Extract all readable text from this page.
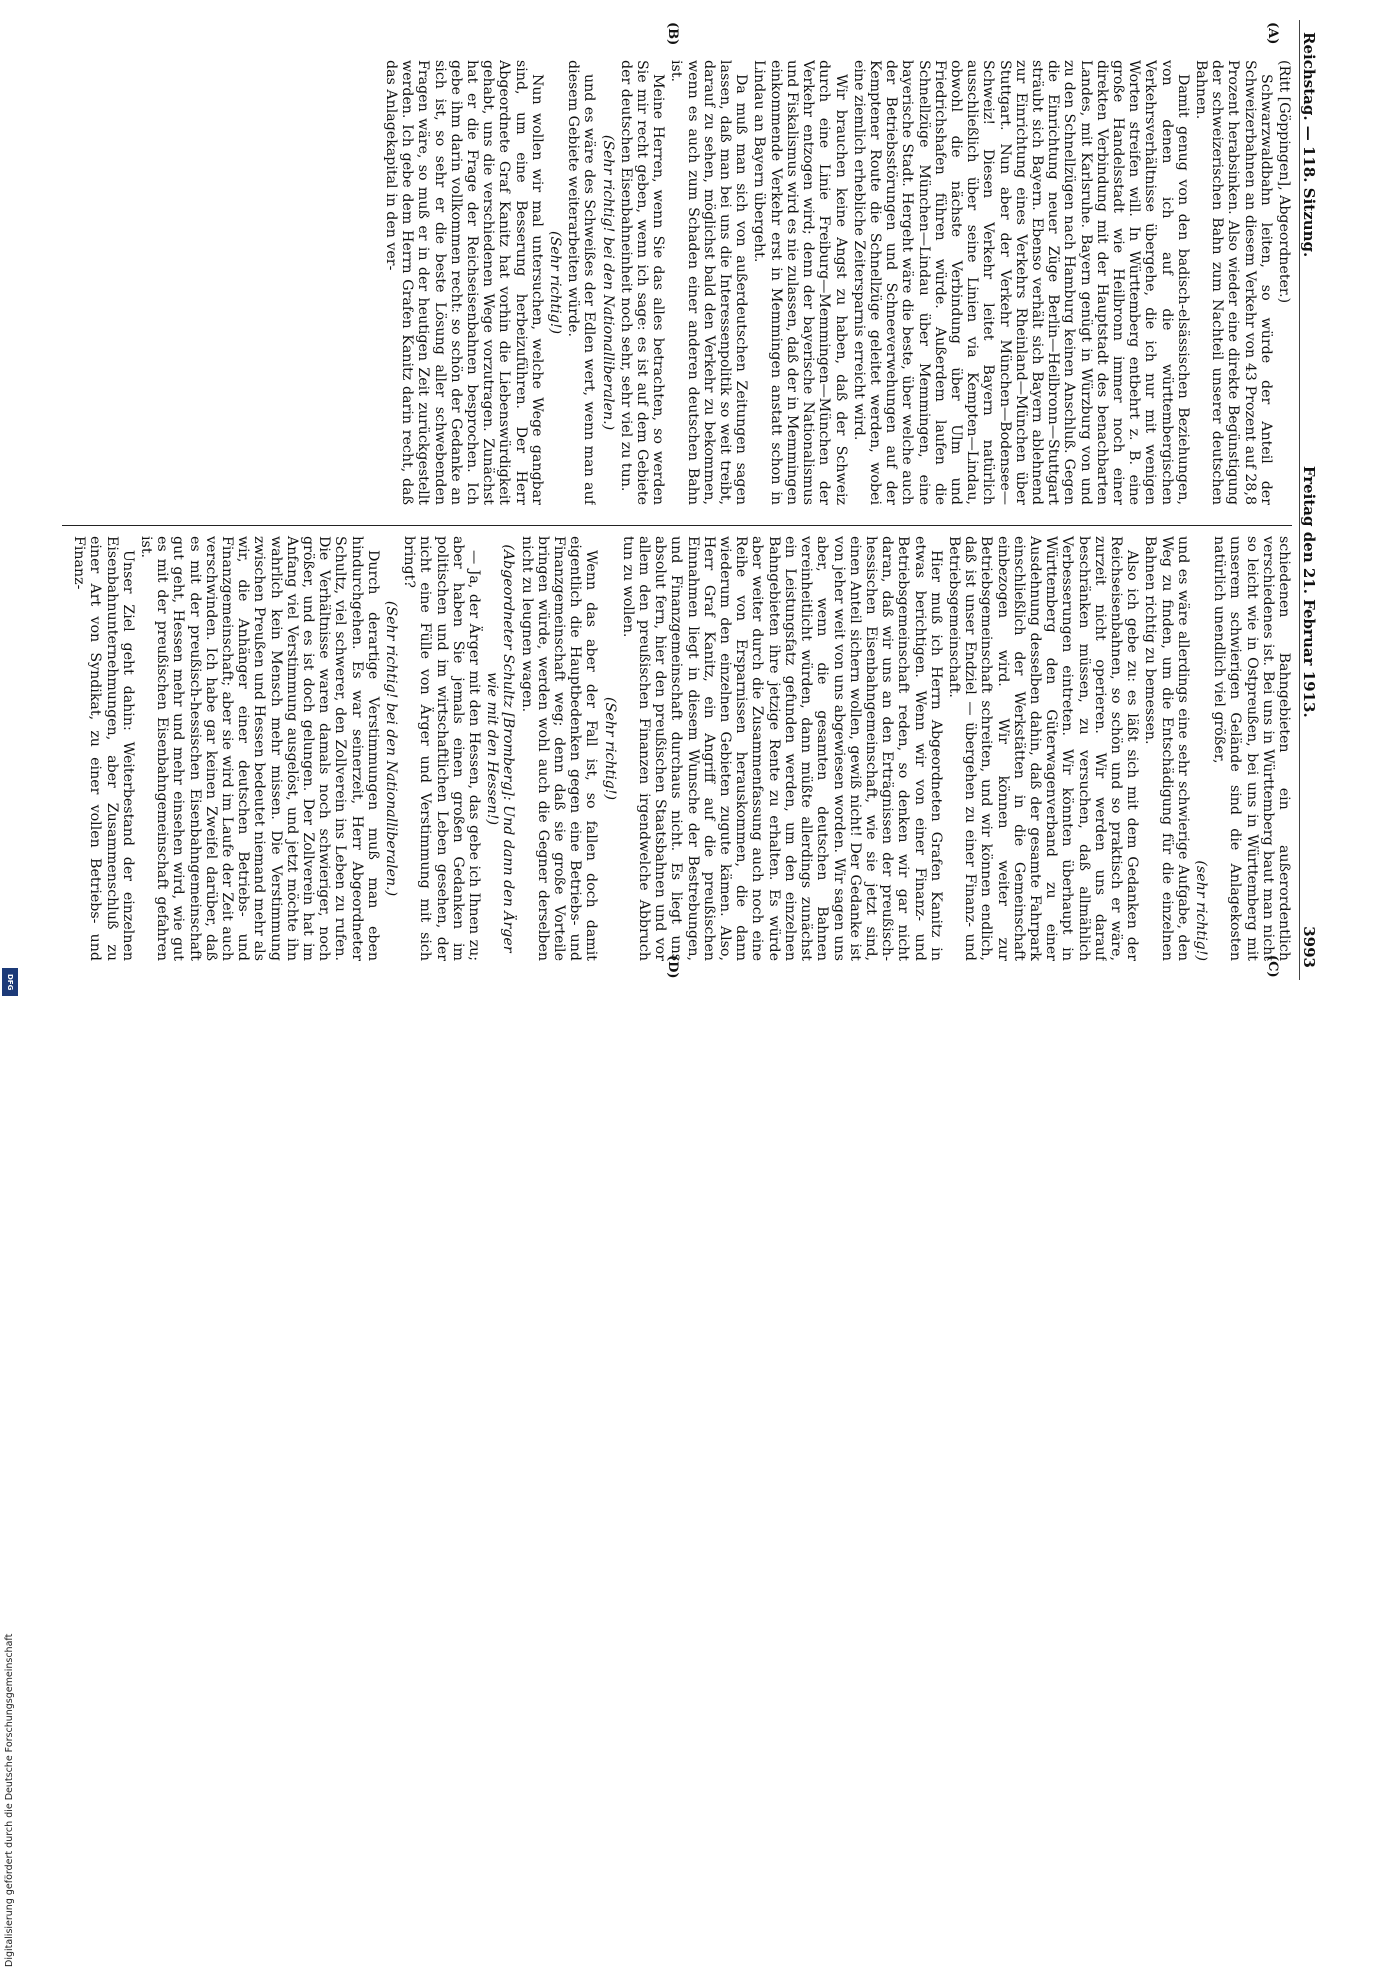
Reichstag. — 118. Sitzung.
Freitag den 21. Februar 1913.
3993
(A)
(B)
(C)
(D)

(Ritt [Göppingen], Abgeordneter.)

Schwarzwaldbahn leiten, so würde der Anteil der Schweizerbahnen an diesem Verkehr von 43 Prozent auf 28,8 Prozent herabsinken. Also wieder eine direkte Begünstigung der schweizerischen Bahn zum Nachteil unserer deutschen Bahnen.

Damit genug von den badisch-elsässischen Beziehungen, von denen ich auf die württembergischen Verkehrsverhältnisse übergehe, die ich nur mit wenigen Worten streifen will. In Württemberg entbehrt z. B. eine große Handelsstadt wie Heilbronn immer noch einer direkten Verbindung mit der Hauptstadt des benachbarten Landes, mit Karlsruhe. Bayern genügt in Würzburg von und zu den Schnellzügen nach Hamburg keinen Anschluß. Gegen die Einrichtung neuer Züge Berlin—Heilbronn—Stuttgart sträubt sich Bayern. Ebenso verhält sich Bayern ablehnend zur Einrichtung eines Verkehrs Rheinland—München über Stuttgart. Nun aber der Verkehr München—Bodensee—Schweiz! Diesen Verkehr leitet Bayern natürlich ausschließlich über seine Linien via Kempten—Lindau, obwohl die nächste Verbindung über Ulm und Friedrichshafen führen würde. Außerdem laufen die Schnellzüge München—Lindau über Memmingen, eine bayerische Stadt. Hergeht wäre die beste, über welche auch der Betriebsstörungen und Schneeverwehungen auf der Kemptener Route die Schnellzüge geleitet werden, wobei eine ziemlich erhebliche Zeitersparnis erreicht wird.

Wir brauchen keine Angst zu haben, daß der Schweiz durch eine Linie Freiburg—Memmingen—München der Verkehr entzogen wird; denn der bayerische Nationalismus und Fiskalismus wird es nie zulassen, daß der in Memmingen einkommende Verkehr erst in Memmingen anstatt schon in Lindau an Bayern übergeht.

Da muß man sich von außerdeutschen Zeitungen sagen lassen, daß man bei uns die Interessenpolitik so weit treibt, darauf zu sehen, möglichst bald den Verkehr zu bekommen, wenn es auch zum Schaden einer anderen deutschen Bahn ist.

Meine Herren, wenn Sie das alles betrachten, so werden Sie mir recht geben, wenn ich sage: es ist auf dem Gebiete der deutschen Eisenbahneinheit noch sehr, sehr viel zu tun.

(Sehr richtig! bei den Nationalliberalen.)

und es wäre des Schweißes der Edlen wert, wenn man auf diesem Gebiete weiterarbeiten würde.

(Sehr richtig!)

Nun wollen wir mal untersuchen, welche Wege gangbar sind, um eine Besserung herbeizuführen. Der Herr Abgeordnete Graf Kanitz hat vorhin die Liebenswürdigkeit gehabt, uns die verschiedenen Wege vorzutragen. Zunächst hat er die Frage der Reichseisenbahnen besprochen. Ich gebe ihm darin vollkommen recht: so schön der Gedanke an sich ist, so sehr er die beste Lösung aller schwebenden Fragen wäre, so muß er in der heutigen Zeit zurückgestellt werden. Ich gebe dem Herrn Grafen Kanitz darin recht, daß das Anlagekapital in den ver-

schiedenen Bahngebieten ein außerordentlich verschiedenes ist. Bei uns in Württemberg baut man nicht so leicht wie in Ostpreußen, bei uns in Württemberg mit unserem schwierigen Gelände sind die Anlagekosten natürlich unendlich viel größer,

(sehr richtig!)

und es wäre allerdings eine sehr schwierige Aufgabe, den Weg zu finden, um die Entschädigung für die einzelnen Bahnen richtig zu bemessen.

Also ich gebe zu: es läßt sich mit dem Gedanken der Reichseisenbahnen, so schön und so praktisch er wäre, zurzeit nicht operieren. Wir werden uns darauf beschränken müssen, zu versuchen, daß allmählich Verbesserungen eintreten. Wir könnten überhaupt in Württemberg den Güterwagenverband zu einer Ausdehnung desselben dahin, daß der gesamte Fahrpark einschließlich der Werkstätten in die Gemeinschaft einbezogen wird. Wir können weiter zur Betriebsgemeinschaft schreiten, und wir können endlich, daß ist unser Endziel — übergehen zu einer Finanz- und Betriebsgemeinschaft.

Hier muß ich Herrn Abgeordneten Grafen Kanitz in etwas berichtigen. Wenn wir von einer Finanz- und Betriebsgemeinschaft reden, so denken wir gar nicht daran, daß wir uns an den Erträgnissen der preußisch-hessischen Eisenbahngemeinschaft, wie sie jetzt sind, einen Anteil sichern wollen, gewiß nicht! Der Gedanke ist von jeher weit von uns abgewiesen worden. Wir sagen uns aber, wenn die gesamten deutschen Bahnen vereinheitlicht würden, dann müßte allerdings zunächst ein Leistungsfatz gefunden werden, um den einzelnen Bahngebieten ihre jetzige Rente zu erhalten. Es würde aber weiter durch die Zusammenfassung auch noch eine Reihe von Ersparnissen herauskommen, die dann wiederum den einzelnen Gebieten zugute kämen. Also, Herr Graf Kanitz, ein Angriff auf die preußischen Einnahmen liegt in diesem Wunsche der Bestrebungen, und Finanzgemeinschaft durchaus nicht. Es liegt uns absolut fern, hier den preußischen Staatsbahnen und vor allem den preußischen Finanzen irgendwelche Abbruch tun zu wollen.

(Sehr richtig!)

Wenn das aber der Fall ist, so fallen doch damit eigentlich die Hauptbedenken gegen eine Betriebs- und Finanzgemeinschaft weg; denn daß sie große Vorteile bringen würde, werden wohl auch die Gegner derselben nicht zu leugnen wagen.

(Abgeordneter Schultz [Bromberg]: Und dann den Ärger wie mit den Hessen!)

— Ja, der Ärger mit den Hessen, das gebe ich Ihnen zu; aber haben Sie jemals einen großen Gedanken im politischen und im wirtschaftlichen Leben gesehen, der nicht eine Fülle von Ärger und Verstimmung mit sich bringt?

(Sehr richtig! bei den Nationalliberalen.)

Durch derartige Verstimmungen muß man eben hindurchgehen. Es war seinerzeit, Herr Abgeordneter Schultz, viel schwerer, den Zollverein ins Leben zu rufen. Die Verhältnisse waren damals noch schwieriger, noch größer, und es ist doch gelungen. Der Zollverein hat im Anfang viel Verstimmung ausgelöst, und jetzt möchte ihn wahrlich kein Mensch mehr missen. Die Verstimmung zwischen Preußen und Hessen bedeutet niemand mehr als wir, die Anhänger einer deutschen Betriebs- und Finanzgemeinschaft; aber sie wird im Laufe der Zeit auch verschwinden. Ich habe gar keinen Zweifel darüber, daß es mit der preußisch-hessischen Eisenbahngemeinschaft gut geht, Hessen mehr und mehr einsehen wird, wie gut es mit der preußischen Eisenbahngemeinschaft gefahren ist.

Unser Ziel geht dahin: Weiterbestand der einzelnen Eisenbahnunternehmungen, aber Zusammenschluß zu einer Art von Syndikat, zu einer vollen Betriebs- und Finanz-

Digitalisierung gefördert durch die Deutsche Forschungsgemeinschaft
DFG
